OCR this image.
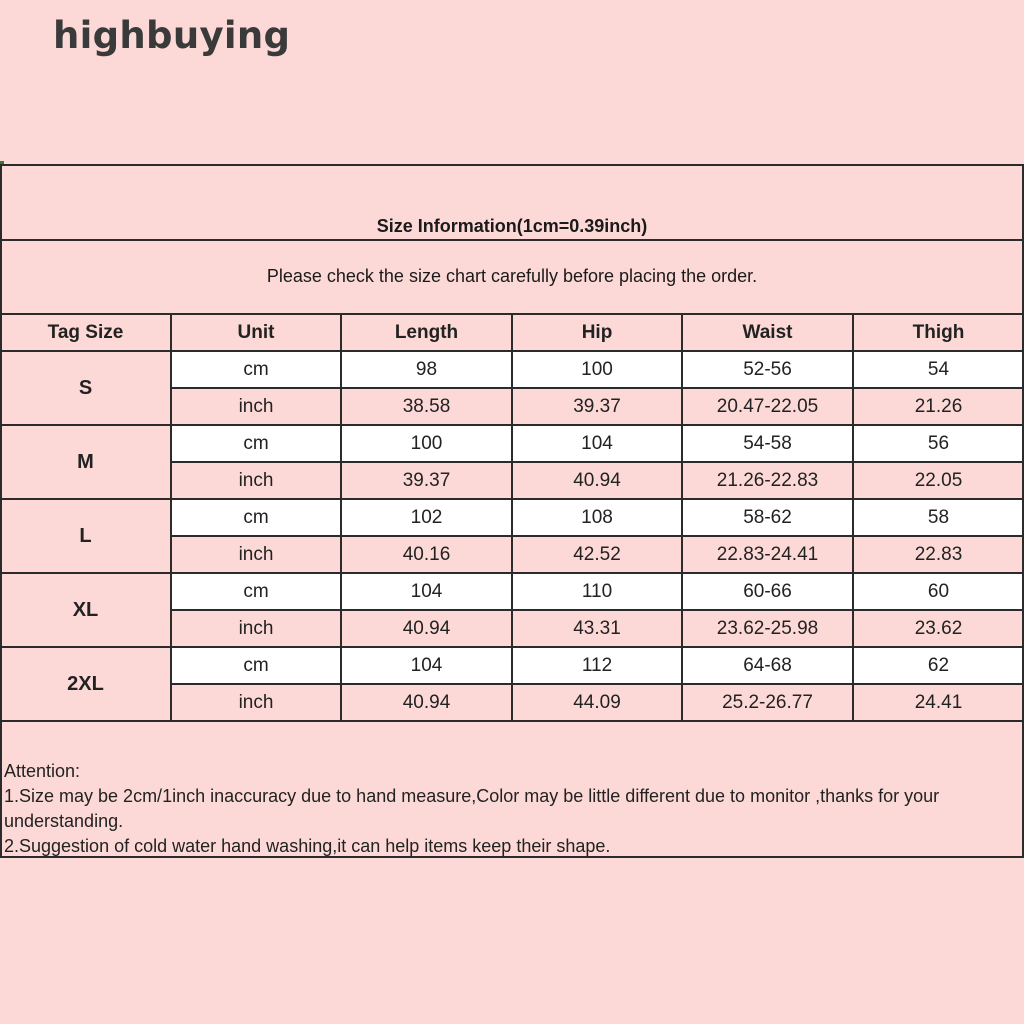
highbuying
Size Information(1cm=0.39inch)
Please check the size chart carefully before placing the order.
Tag Size	Unit	Length	Hip	Waist	Thigh
S
cm	98	100	52-56	54
inch	38.58	39.37	20.47-22.05	21.26
M
cm	100	104	54-58	56
inch	39.37	40.94	21.26-22.83	22.05
L
cm	102	108	58-62	58
inch	40.16	42.52	22.83-24.41	22.83
XL
cm	104	110	60-66	60
inch	40.94	43.31	23.62-25.98	23.62
2XL
cm	104	112	64-68	62
inch	40.94	44.09	25.2-26.77	24.41
Attention:
1.Size may be 2cm/1inch inaccuracy due to hand measure,Color may be little different due to monitor ,thanks for your understanding.
2.Suggestion of cold water hand washing,it can help items keep their shape.
